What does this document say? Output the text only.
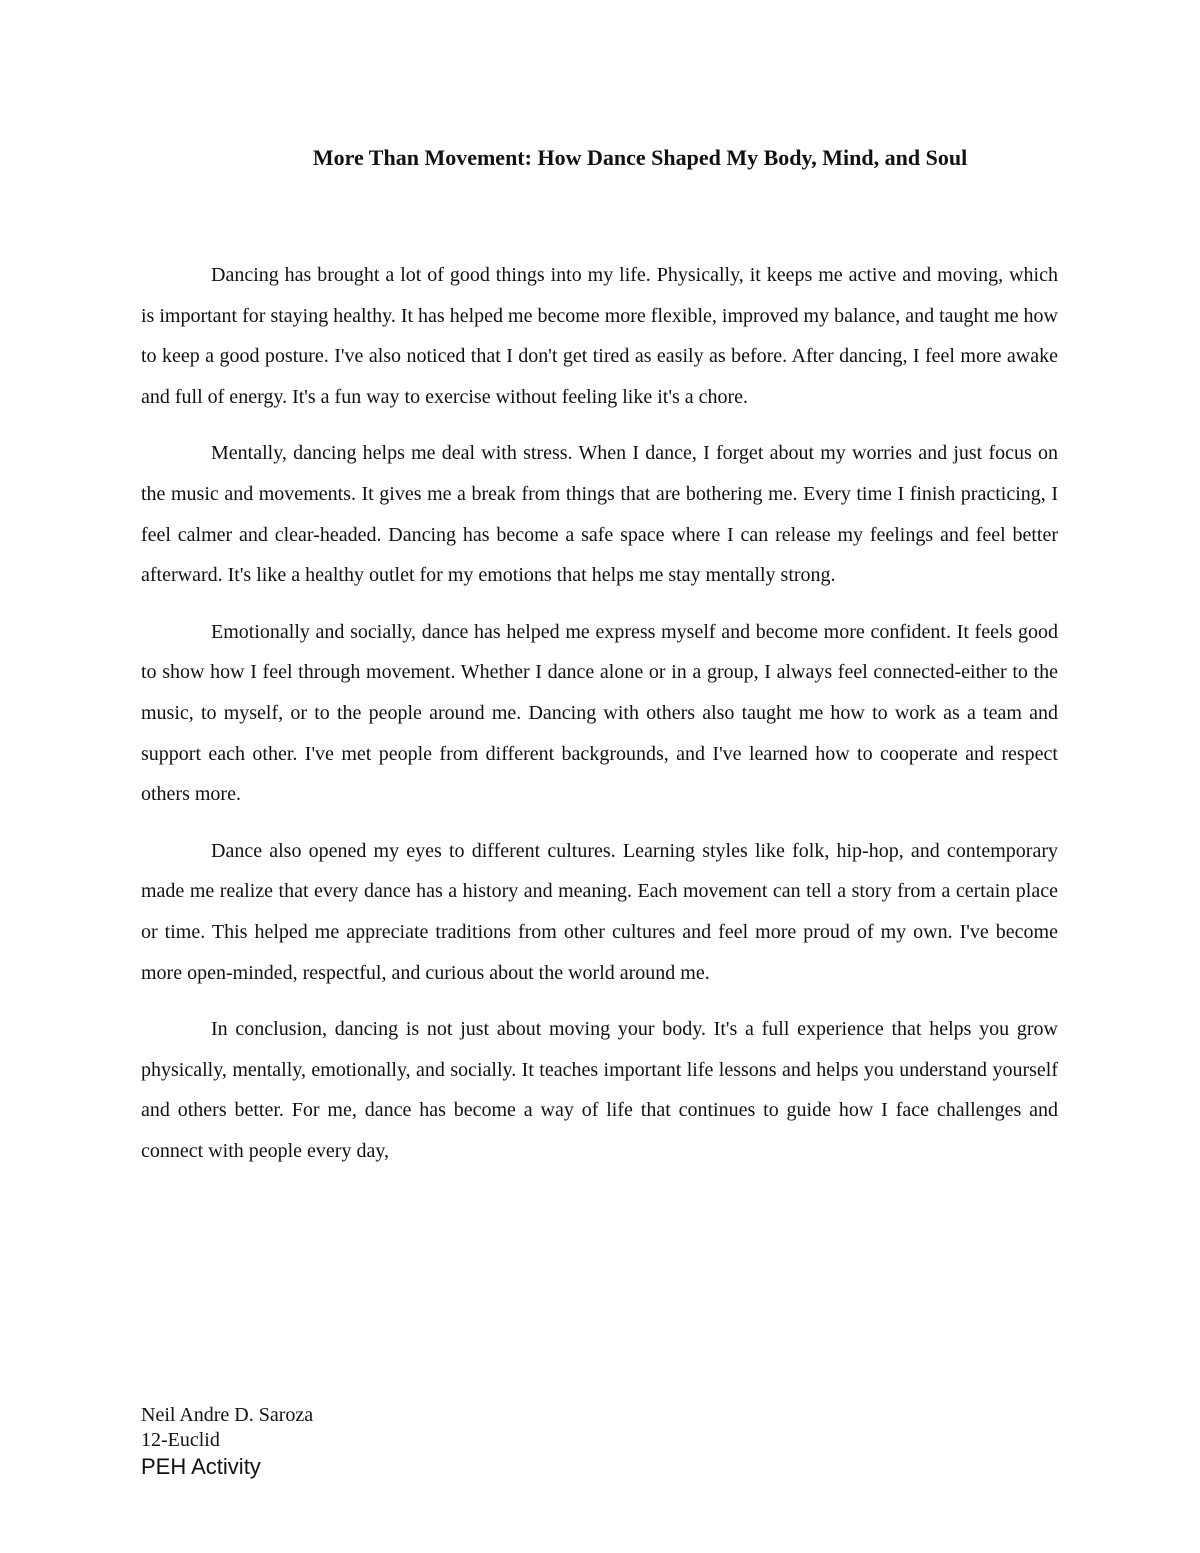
More Than Movement: How Dance Shaped My Body, Mind, and Soul

Dancing has brought a lot of good things into my life. Physically, it keeps me active and moving, which is important for staying healthy. It has helped me become more flexible, improved my balance, and taught me how to keep a good posture. I've also noticed that I don't get tired as easily as before. After dancing, I feel more awake and full of energy. It's a fun way to exercise without feeling like it's a chore.

Mentally, dancing helps me deal with stress. When I dance, I forget about my worries and just focus on the music and movements. It gives me a break from things that are bothering me. Every time I finish practicing, I feel calmer and clear-headed. Dancing has become a safe space where I can release my feelings and feel better afterward. It's like a healthy outlet for my emotions that helps me stay mentally strong.

Emotionally and socially, dance has helped me express myself and become more confident. It feels good to show how I feel through movement. Whether I dance alone or in a group, I always feel connected-either to the music, to myself, or to the people around me. Dancing with others also taught me how to work as a team and support each other. I've met people from different backgrounds, and I've learned how to cooperate and respect others more.

Dance also opened my eyes to different cultures. Learning styles like folk, hip-hop, and contemporary made me realize that every dance has a history and meaning. Each movement can tell a story from a certain place or time. This helped me appreciate traditions from other cultures and feel more proud of my own. I've become more open-minded, respectful, and curious about the world around me.

In conclusion, dancing is not just about moving your body. It's a full experience that helps you grow physically, mentally, emotionally, and socially. It teaches important life lessons and helps you understand yourself and others better. For me, dance has become a way of life that continues to guide how I face challenges and connect with people every day,

Neil Andre D. Saroza
12-Euclid
PEH Activity
